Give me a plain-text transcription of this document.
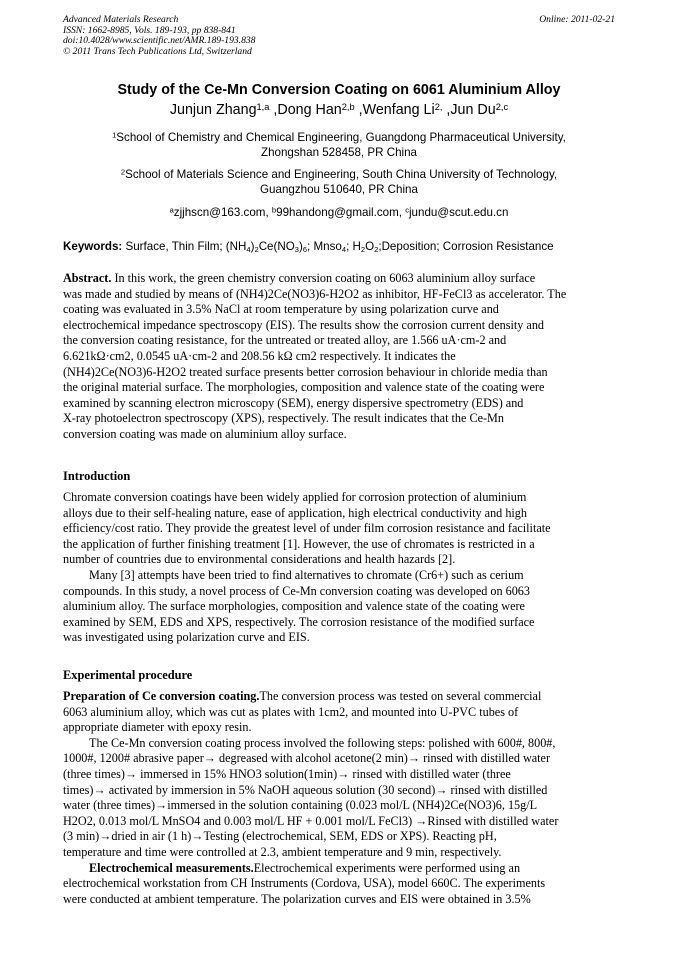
Advanced Materials Research
ISSN: 1662-8985, Vols. 189-193, pp 838-841
doi:10.4028/www.scientific.net/AMR.189-193.838
© 2011 Trans Tech Publications Ltd, Switzerland
Online: 2011-02-21
Study of the Ce-Mn Conversion Coating on 6061 Aluminium Alloy
Junjun Zhang$^{1,a}$ ,Dong Han$^{2,b}$ ,Wenfang $Li^{2,}$ ,Jun Du$^{2,c}$
$^1$School of Chemistry and Chemical Engineering, Guangdong Pharmaceutical University,
Zhongshan 528458, PR China
$^2$School of Materials Science and Engineering, South China University of Technology,
Guangzhou 510640, PR China
$^a$zjjhscn@163.com, $^b$99handong@gmail.com, $^c$jundu@scut.edu.cn
Keywords: Surface, Thin Film; $(NH_4)_2Ce(NO_3)_6$; Mnso$_4$; $H_2O_2;Deposition$; Corrosion Resistance
Abstract. In this work, the green chemistry conversion coating on 6063 aluminium alloy surface
was made and studied by means of (NH4)2Ce(NO3)6-H2O2 as inhibitor, HF-FeCl3 as accelerator. The
coating was evaluated in 3.5% NaCl at room temperature by using polarization curve and
electrochemical impedance spectroscopy (EIS). The results show the corrosion current density and
the conversion coating resistance, for the untreated or treated alloy, are 1.566 uA·cm-2 and
6.621kΩ·cm2, 0.0545 uA·cm-2 and 208.56 kΩ cm2 respectively. It indicates the
(NH4)2Ce(NO3)6-H2O2 treated surface presents better corrosion behaviour in chloride media than
the original material surface. The morphologies, composition and valence state of the coating were
examined by scanning electron microscopy (SEM), energy dispersive spectrometry (EDS) and
X-ray photoelectron spectroscopy (XPS), respectively. The result indicates that the Ce-Mn
conversion coating was made on aluminium alloy surface.
Introduction
Chromate conversion coatings have been widely applied for corrosion protection of aluminium
alloys due to their self-healing nature, ease of application, high electrical conductivity and high
efficiency/cost ratio. They provide the greatest level of under film corrosion resistance and facilitate
the application of further finishing treatment [1]. However, the use of chromates is restricted in a
number of countries due to environmental considerations and health hazards [2].
Many [3] attempts have been tried to find alternatives to chromate (Cr6+) such as cerium
compounds. In this study, a novel process of Ce-Mn conversion coating was developed on 6063
aluminium alloy. The surface morphologies, composition and valence state of the coating were
examined by SEM, EDS and XPS, respectively. The corrosion resistance of the modified surface
was investigated using polarization curve and EIS.
Experimental procedure
Preparation of Ce conversion coating.The conversion process was tested on several commercial
6063 aluminium alloy, which was cut as plates with 1cm2, and mounted into U-PVC tubes of
appropriate diameter with epoxy resin.
The Ce-Mn conversion coating process involved the following steps: polished with 600#, 800#,
1000#, 1200# abrasive paper→ degreased with alcohol acetone(2 min)→ rinsed with distilled water
(three times)→ immersed in 15% HNO3 solution(1min)→ rinsed with distilled water (three
times)→ activated by immersion in 5% NaOH aqueous solution (30 second)→ rinsed with distilled
water (three times)→immersed in the solution containing (0.023 mol/L (NH4)2Ce(NO3)6, 15g/L
H2O2, 0.013 mol/L MnSO4 and 0.003 mol/L HF + 0.001 mol/L FeCl3) →Rinsed with distilled water
(3 min)→dried in air (1 h)→Testing (electrochemical, SEM, EDS or XPS). Reacting pH,
temperature and time were controlled at 2.3, ambient temperature and 9 min, respectively.
Electrochemical measurements.Electrochemical experiments were performed using an
electrochemical workstation from CH Instruments (Cordova, USA), model 660C. The experiments
were conducted at ambient temperature. The polarization curves and EIS were obtained in 3.5%
